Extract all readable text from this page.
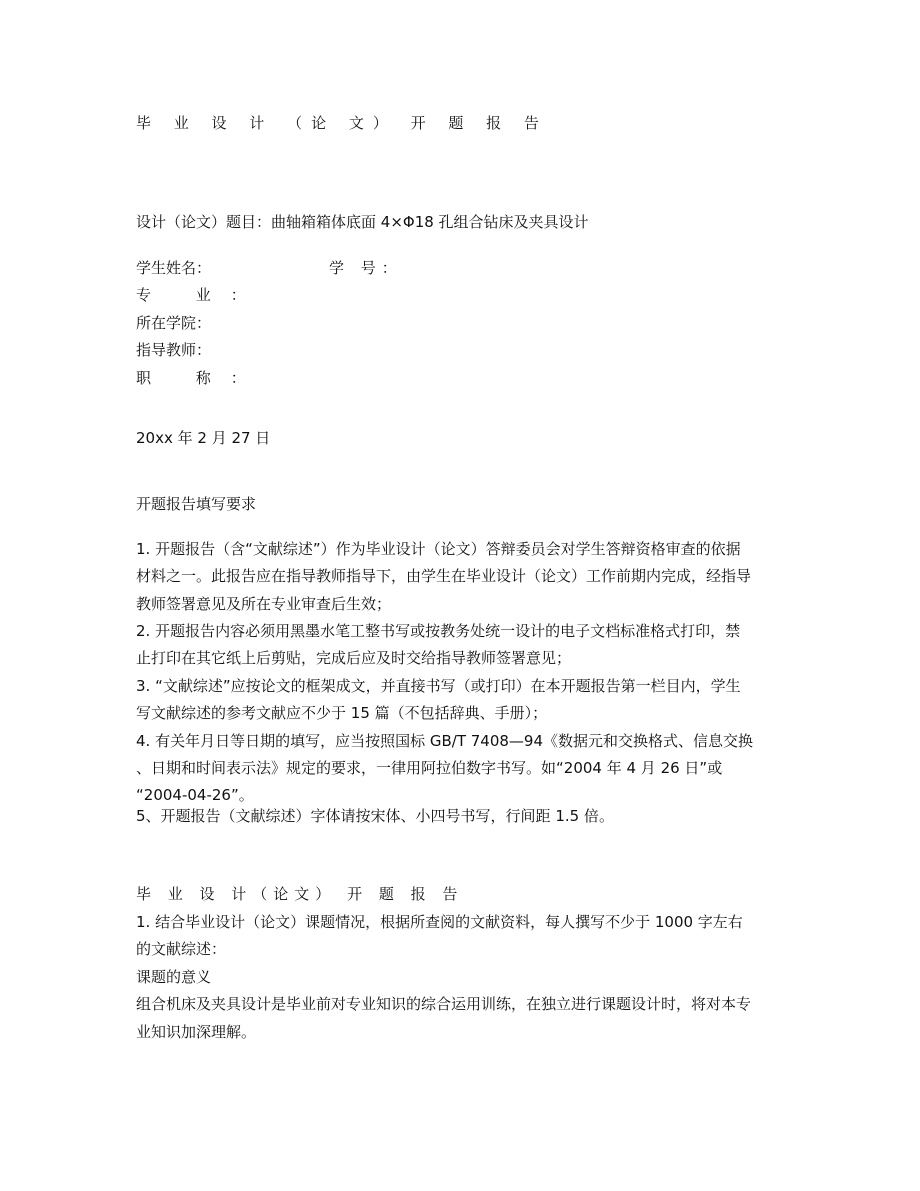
毕 业 设 计 （论 文） 开 题 报 告
设计（论文）题目：曲轴箱箱体底面 4×Φ18 孔组合钻床及夹具设计
学生姓名：	学 号：
专 业：
所在学院：
指导教师：
职 称：
20xx 年 2 月 27 日
开题报告填写要求
1. 开题报告（含“文献综述”）作为毕业设计（论文）答辩委员会对学生答辩资格审查的依据
材料之一。此报告应在指导教师指导下，由学生在毕业设计（论文）工作前期内完成，经指导
教师签署意见及所在专业审查后生效；
2. 开题报告内容必须用黑墨水笔工整书写或按教务处统一设计的电子文档标准格式打印，禁
止打印在其它纸上后剪贴，完成后应及时交给指导教师签署意见；
3. “文献综述”应按论文的框架成文，并直接书写（或打印）在本开题报告第一栏目内，学生
写文献综述的参考文献应不少于 15 篇（不包括辞典、手册）；
4. 有关年月日等日期的填写，应当按照国标 GB/T 7408—94《数据元和交换格式、信息交换
、日期和时间表示法》规定的要求，一律用阿拉伯数字书写。如“2004 年 4 月 26 日”或
“2004-04-26”。
5、开题报告（文献综述）字体请按宋体、小四号书写，行间距 1.5 倍。
毕 业 设 计（论文） 开 题 报 告
1. 结合毕业设计（论文）课题情况，根据所查阅的文献资料，每人撰写不少于 1000 字左右
的文献综述：
课题的意义
组合机床及夹具设计是毕业前对专业知识的综合运用训练，在独立进行课题设计时，将对本专
业知识加深理解。
